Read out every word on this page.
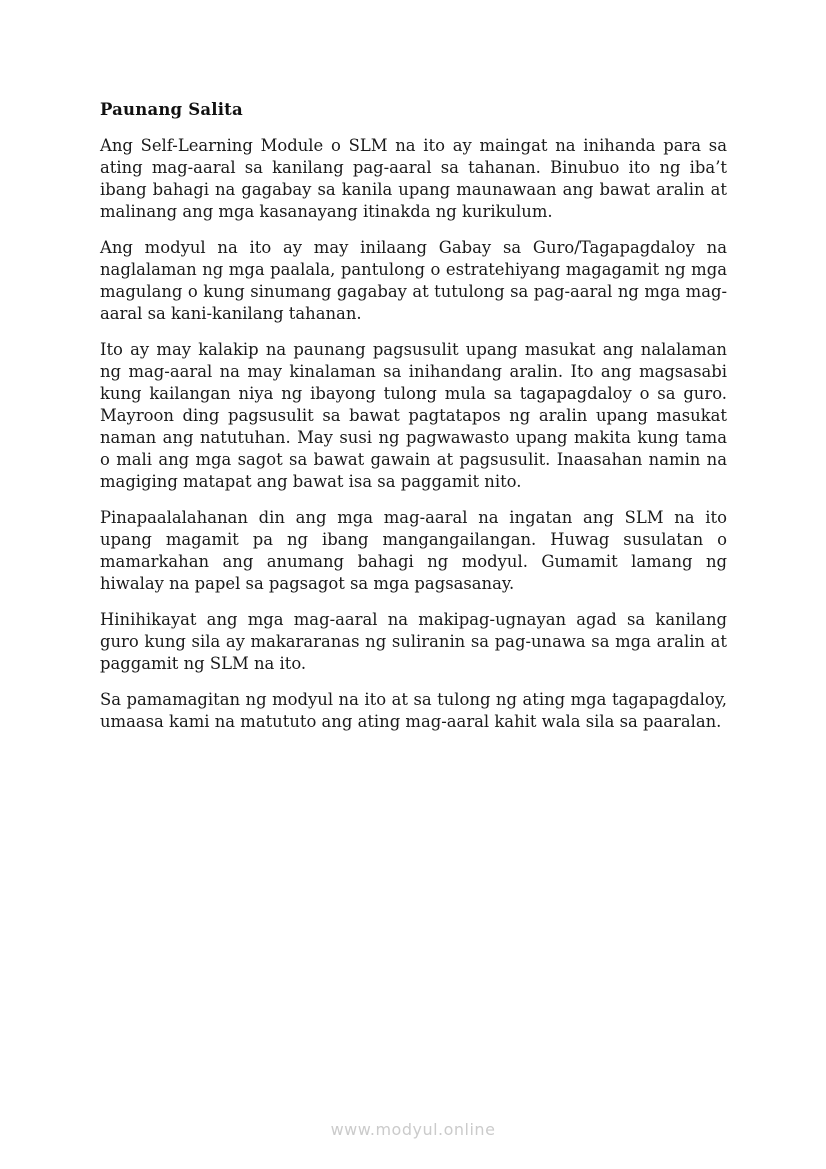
Paunang Salita

Ang Self-Learning Module o SLM na ito ay maingat na inihanda para sa ating mag-aaral sa kanilang pag-aaral sa tahanan. Binubuo ito ng iba’t ibang bahagi na gagabay sa kanila upang maunawaan ang bawat aralin at malinang ang mga kasanayang itinakda ng kurikulum.

Ang modyul na ito ay may inilaang Gabay sa Guro/Tagapagdaloy na naglalaman ng mga paalala, pantulong o estratehiyang magagamit ng mga magulang o kung sinumang gagabay at tutulong sa pag-aaral ng mga mag-aaral sa kani-kanilang tahanan.

Ito ay may kalakip na paunang pagsusulit upang masukat ang nalalaman ng mag-aaral na may kinalaman sa inihandang aralin. Ito ang magsasabi kung kailangan niya ng ibayong tulong mula sa tagapagdaloy o sa guro. Mayroon ding pagsusulit sa bawat pagtatapos ng aralin upang masukat naman ang natutuhan. May susi ng pagwawasto upang makita kung tama o mali ang mga sagot sa bawat gawain at pagsusulit. Inaasahan namin na magiging matapat ang bawat isa sa paggamit nito.

Pinapaalalahanan din ang mga mag-aaral na ingatan ang SLM na ito upang magamit pa ng ibang mangangailangan. Huwag susulatan o mamarkahan ang anumang bahagi ng modyul. Gumamit lamang ng hiwalay na papel sa pagsagot sa mga pagsasanay.

Hinihikayat ang mga mag-aaral na makipag-ugnayan agad sa kanilang guro kung sila ay makararanas ng suliranin sa pag-unawa sa mga aralin at paggamit ng SLM na ito.

Sa pamamagitan ng modyul na ito at sa tulong ng ating mga tagapagdaloy, umaasa kami na matututo ang ating mag-aaral kahit wala sila sa paaralan.

www.modyul.online
